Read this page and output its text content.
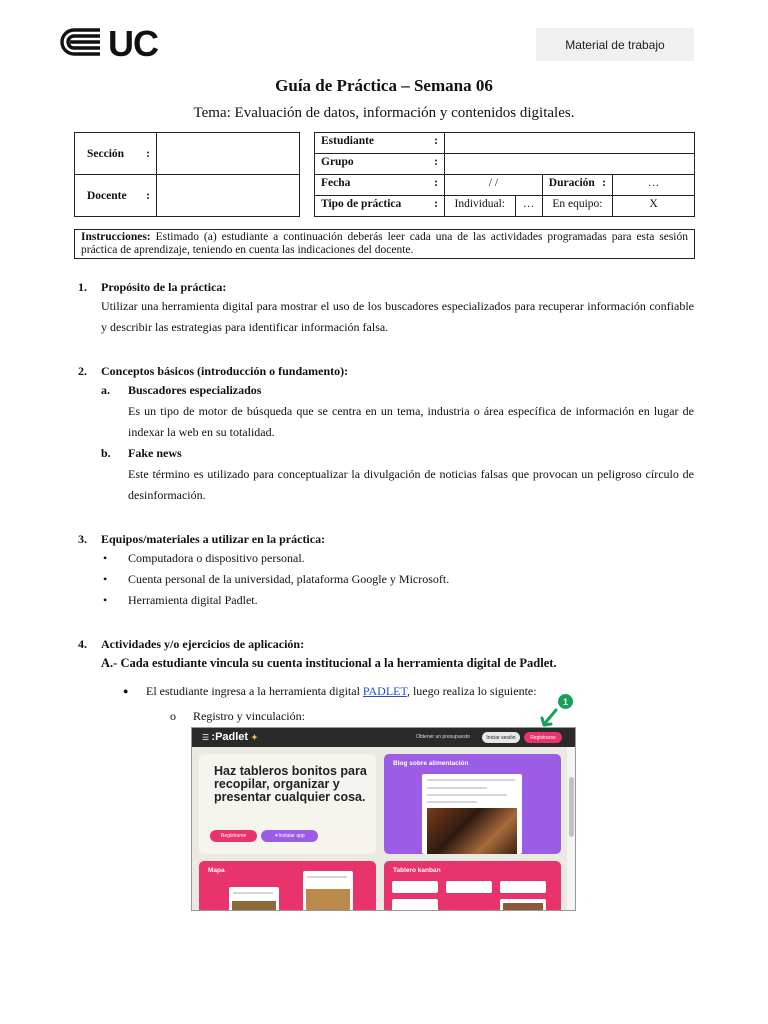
UC	Material de trabajo
Guía de Práctica – Semana 06
Tema: Evaluación de datos, información y contenidos digitales.
Sección :	

Docente :	

Estudiante :				

Grupo :				

Fecha :	/ /		Duración :	…
Tipo de práctica :	Individual:	…	En equipo:	X
Instrucciones: Estimado (a) estudiante a continuación deberás leer cada una de las actividades programadas para esta sesión práctica de aprendizaje, teniendo en cuenta las indicaciones del docente.
1.	Propósito de la práctica:
Utilizar una herramienta digital para mostrar el uso de los buscadores especializados para recuperar información confiable y describir las estrategias para identificar información falsa.
2.	Conceptos básicos (introducción o fundamento):
a.	Buscadores especializados
Es un tipo de motor de búsqueda que se centra en un tema, industria o área específica de información en lugar de indexar la web en su totalidad.
b.	Fake news
Este término es utilizado para conceptualizar la divulgación de noticias falsas que provocan un peligroso círculo de desinformación.
3.	Equipos/materiales a utilizar en la práctica:
•	Computadora o dispositivo personal.
•	Cuenta personal de la universidad, plataforma Google y Microsoft.
•	Herramienta digital Padlet.
4.	Actividades y/o ejercicios de aplicación:
A.- Cada estudiante vincula su cuenta institucional a la herramienta digital de Padlet.
●	El estudiante ingresa a la herramienta digital PADLET, luego realiza lo siguiente:
o	Registro y vinculación:
☰ :Padlet ✦	Obtener un presupuesto	Iniciar sesión	Registrarse
Haz tableros bonitos para recopilar, organizar y presentar cualquier cosa.
Registrarse	✦ Instalar app
Blog sobre alimentación
Mapa	Tablero kanban
1
